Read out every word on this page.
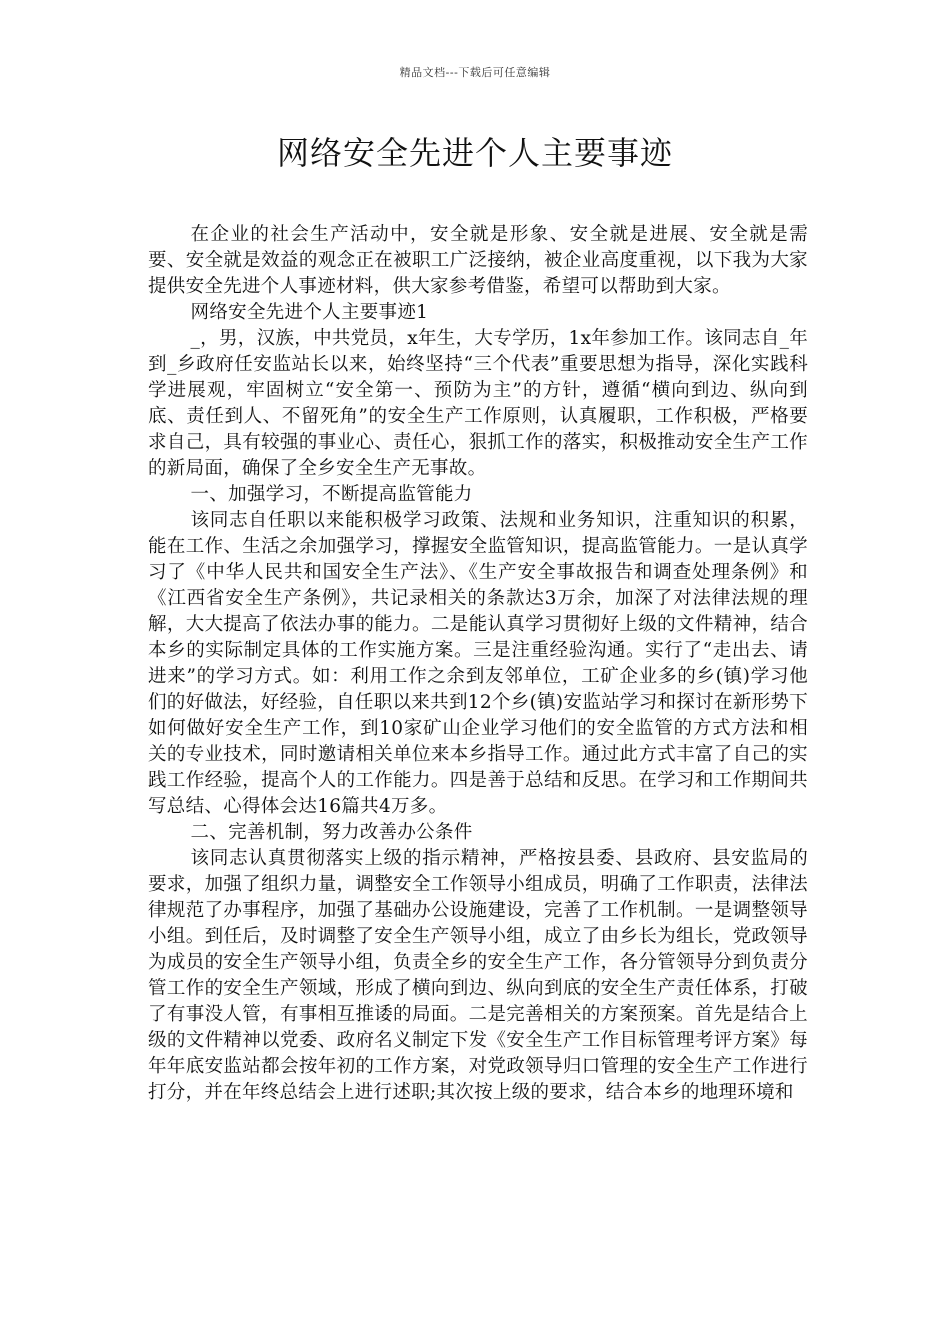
精品文档---下载后可任意编辑
网络安全先进个人主要事迹

在企业的社会生产活动中，安全就是形象、安全就是进展、安全就是需要、安全就是效益的观念正在被职工广泛接纳，被企业高度重视，以下我为大家提供安全先进个人事迹材料，供大家参考借鉴，希望可以帮助到大家。

网络安全先进个人主要事迹1

_，男，汉族，中共党员，x年生，大专学历，1x年参加工作。该同志自_年到_乡政府任安监站长以来，始终坚持“三个代表”重要思想为指导，深化实践科学进展观，牢固树立“安全第一、预防为主”的方针，遵循“横向到边、纵向到底、责任到人、不留死角”的安全生产工作原则，认真履职，工作积极，严格要求自己，具有较强的事业心、责任心，狠抓工作的落实，积极推动安全生产工作的新局面，确保了全乡安全生产无事故。

一、加强学习，不断提高监管能力

该同志自任职以来能积极学习政策、法规和业务知识，注重知识的积累，能在工作、生活之余加强学习，撑握安全监管知识，提高监管能力。一是认真学习了《中华人民共和国安全生产法》、《生产安全事故报告和调查处理条例》和《江西省安全生产条例》，共记录相关的条款达3万余，加深了对法律法规的理解，大大提高了依法办事的能力。二是能认真学习贯彻好上级的文件精神，结合本乡的实际制定具体的工作实施方案。三是注重经验沟通。实行了“走出去、请进来”的学习方式。如：利用工作之余到友邻单位，工矿企业多的乡(镇)学习他们的好做法，好经验，自任职以来共到12个乡(镇)安监站学习和探讨在新形势下如何做好安全生产工作，到10家矿山企业学习他们的安全监管的方式方法和相关的专业技术，同时邀请相关单位来本乡指导工作。通过此方式丰富了自己的实践工作经验，提高个人的工作能力。四是善于总结和反思。在学习和工作期间共写总结、心得体会达16篇共4万多。

二、完善机制，努力改善办公条件

该同志认真贯彻落实上级的指示精神，严格按县委、县政府、县安监局的要求，加强了组织力量，调整安全工作领导小组成员，明确了工作职责，法律法律规范了办事程序，加强了基础办公设施建设，完善了工作机制。一是调整领导小组。到任后，及时调整了安全生产领导小组，成立了由乡长为组长，党政领导为成员的安全生产领导小组，负责全乡的安全生产工作，各分管领导分到负责分管工作的安全生产领域，形成了横向到边、纵向到底的安全生产责任体系，打破了有事没人管，有事相互推诿的局面。二是完善相关的方案预案。首先是结合上级的文件精神以党委、政府名义制定下发《安全生产工作目标管理考评方案》每年年底安监站都会按年初的工作方案，对党政领导归口管理的安全生产工作进行打分，并在年终总结会上进行述职;其次按上级的要求，结合本乡的地理环境和
